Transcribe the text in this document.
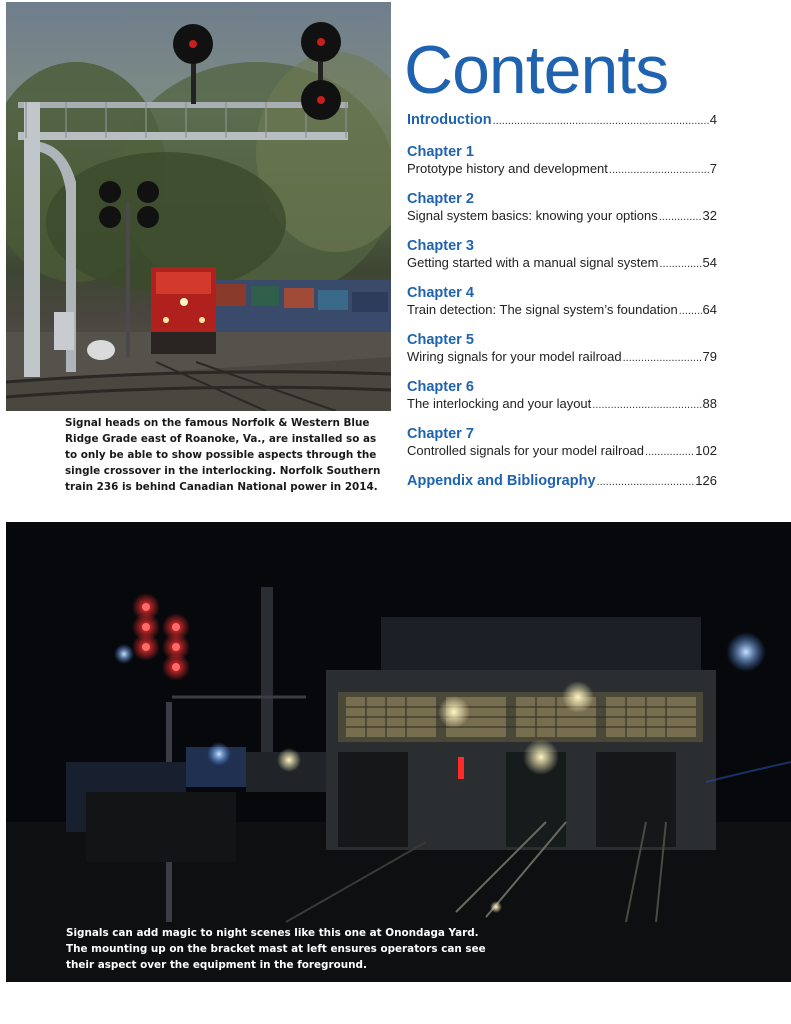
Signal heads on the famous Norfolk & Western Blue Ridge Grade east of Roanoke, Va., are installed so as to only be able to show possible aspects through the single crossover in the interlocking. Norfolk Southern train 236 is behind Canadian National power in 2014.
Contents
Introduction .....	4
Chapter 1
Prototype history and development .....	7
Chapter 2
Signal system basics: knowing your options .....	32
Chapter 3
Getting started with a manual signal system .....	54
Chapter 4
Train detection: The signal system’s foundation ..... 64
Chapter 5
Wiring signals for your model railroad .....	79
Chapter 6
The interlocking and your layout .....	88
Chapter 7
Controlled signals for your model railroad .....	102
Appendix and Bibliography .....	126
Signals can add magic to night scenes like this one at Onondaga Yard. The mounting up on the bracket mast at left ensures operators can see their aspect over the equipment in the foreground.
